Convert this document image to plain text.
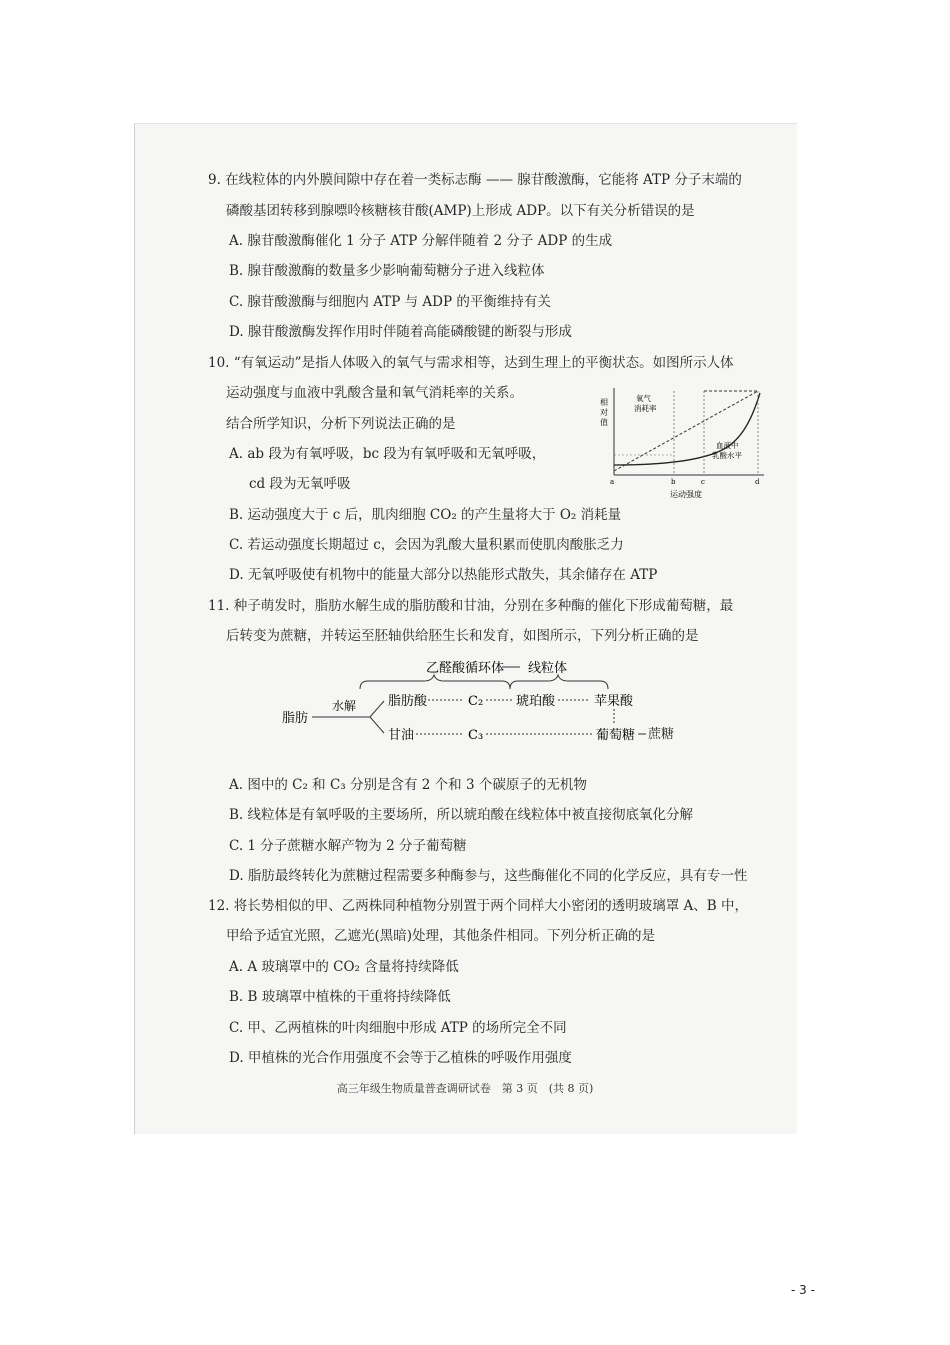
9. 在线粒体的内外膜间隙中存在着一类标志酶 —— 腺苷酸激酶，它能将 ATP 分子末端的
磷酸基团转移到腺嘌呤核糖核苷酸(AMP)上形成 ADP。以下有关分析错误的是
A. 腺苷酸激酶催化 1 分子 ATP 分解伴随着 2 分子 ADP 的生成
B. 腺苷酸激酶的数量多少影响葡萄糖分子进入线粒体
C. 腺苷酸激酶与细胞内 ATP 与 ADP 的平衡维持有关
D. 腺苷酸激酶发挥作用时伴随着高能磷酸键的断裂与形成
10. “有氧运动”是指人体吸入的氧气与需求相等，达到生理上的平衡状态。如图所示人体
运动强度与血液中乳酸含量和氧气消耗率的关系。
结合所学知识，分析下列说法正确的是
A. ab 段为有氧呼吸，bc 段为有氧呼吸和无氧呼吸，
cd 段为无氧呼吸
B. 运动强度大于 c 后，肌肉细胞 CO₂ 的产生量将大于 O₂ 消耗量
C. 若运动强度长期超过 c，会因为乳酸大量积累而使肌肉酸胀乏力
D. 无氧呼吸使有机物中的能量大部分以热能形式散失，其余储存在 ATP
相
对
值
氧气
消耗率
血液中
乳酸水平
a	b	c	d
运动强度
11. 种子萌发时，脂肪水解生成的脂肪酸和甘油，分别在多种酶的催化下形成葡萄糖，最
后转变为蔗糖，并转运至胚轴供给胚生长和发育，如图所示，下列分析正确的是
乙醛酸循环体 线粒体
脂肪
水解 脂肪酸	C₂	琥珀酸	苹果酸
甘油	C₃	葡萄糖 蔗糖
A. 图中的 C₂ 和 C₃ 分别是含有 2 个和 3 个碳原子的无机物
B. 线粒体是有氧呼吸的主要场所，所以琥珀酸在线粒体中被直接彻底氧化分解
C. 1 分子蔗糖水解产物为 2 分子葡萄糖
D. 脂肪最终转化为蔗糖过程需要多种酶参与，这些酶催化不同的化学反应，具有专一性
12. 将长势相似的甲、乙两株同种植物分别置于两个同样大小密闭的透明玻璃罩 A、B 中，
甲给予适宜光照，乙遮光(黑暗)处理，其他条件相同。下列分析正确的是
A. A 玻璃罩中的 CO₂ 含量将持续降低
B. B 玻璃罩中植株的干重将持续降低
C. 甲、乙两植株的叶肉细胞中形成 ATP 的场所完全不同
D. 甲植株的光合作用强度不会等于乙植株的呼吸作用强度
高三年级生物质量普查调研试卷　第 3 页　(共 8 页)
- 3 -
